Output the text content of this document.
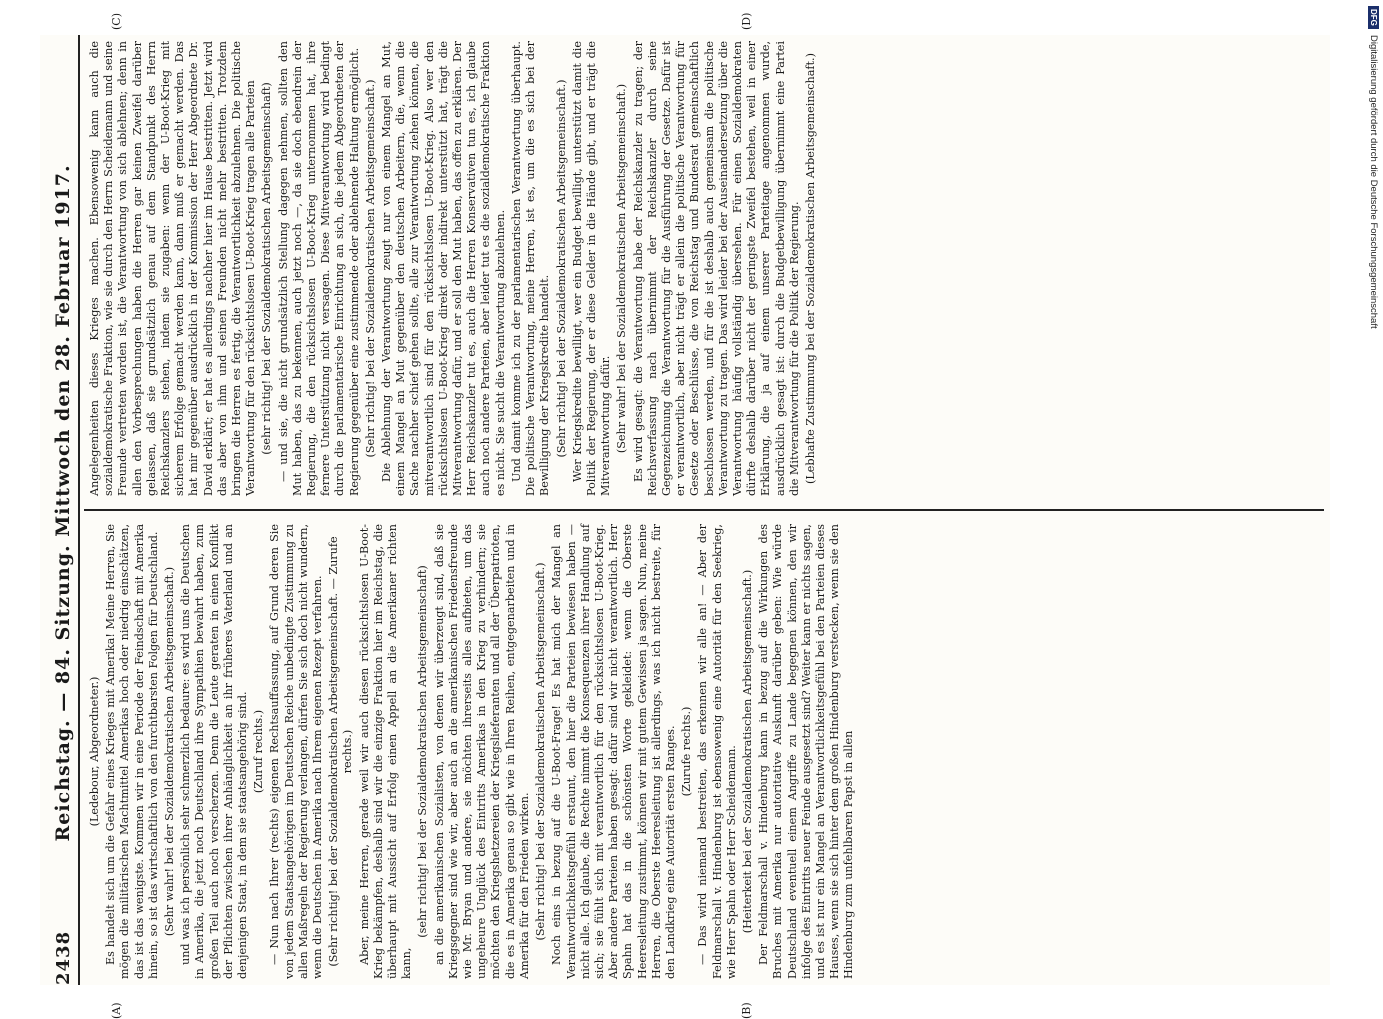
2438
Reichstag. — 84. Sitzung. Mittwoch den 28. Februar 1917.
(A)	(B)
(C)	(D)

(Ledebour, Abgeordneter.) Es handelt sich um die Gefahr eines Krieges mit Amerika! Meine Herren, Sie mögen die militärischen Machtmittel Amerikas hoch oder niedrig einschätzen, das ist das wenigste. Kommen wir in eine Periode der Feindschaft mit Amerika hinein, so ist das wirtschaftlich von den furchtbarsten Folgen für Deutschland. (Sehr wahr! bei der Sozialdemokratischen Arbeitsgemeinschaft.) und was ich persönlich sehr schmerzlich bedaure: es wird uns die Deutschen in Amerika, die jetzt noch Deutschland ihre Sympathien bewahrt haben, zum großen Teil auch noch verscherzen. Denn die Leute geraten in einen Konflikt der Pflichten zwischen ihrer Anhänglichkeit an ihr früheres Vaterland und an denjenigen Staat, in dem sie staatsangehörig sind. (Zuruf rechts.) — Nun nach Ihrer (rechts) eigenen Rechtsauffassung, auf Grund deren Sie von jedem Staatsangehörigen im Deutschen Reiche unbedingte Zustimmung zu allen Maßregeln der Regierung verlangen, dürfen Sie sich doch nicht wundern, wenn die Deutschen in Amerika nach Ihrem eigenen Rezept verfahren. (Sehr richtig! bei der Sozialdemokratischen Arbeitsgemeinschaft. — Zurufe rechts.) Aber, meine Herren, gerade weil wir auch diesen rücksichtslosen U-Boot-Krieg bekämpfen, deshalb sind wir die einzige Fraktion hier im Reichstag, die überhaupt mit Aussicht auf Erfolg einen Appell an die Amerikaner richten kann,

(sehr richtig! bei der Sozialdemokratischen Arbeitsgemeinschaft) an die amerikanischen Sozialisten, von denen wir überzeugt sind, daß sie Kriegsgegner sind wie wir, aber auch an die amerikanischen Friedensfreunde wie Mr. Bryan und andere, sie möchten ihrerseits alles aufbieten, um das ungeheure Unglück des Eintritts Amerikas in den Krieg zu verhindern; sie möchten den Kriegshetzereien der Kriegslieferanten und all der Überpatrioten, die es in Amerika genau so gibt wie in Ihren Reihen, entgegenarbeiten und in Amerika für den Frieden wirken. (Sehr richtig! bei der Sozialdemokratischen Arbeitsgemeinschaft.) Noch eins in bezug auf die U-Boot-Frage! Es hat mich der Mangel an Verantwortlichkeitsgefühl erstaunt, den hier die Parteien bewiesen haben — nicht alle. Ich glaube, die Rechte nimmt die Konsequenzen ihrer Handlung auf sich; sie fühlt sich mit verantwortlich für den rücksichtslosen U-Boot-Krieg. Aber andere Parteien haben gesagt: dafür sind wir nicht verantwortlich. Herr Spahn hat das in die schönsten Worte gekleidet: wenn die Oberste Heeresleitung zustimmt, können wir mit gutem Gewissen ja sagen. Nun, meine Herren, die Oberste Heeresleitung ist allerdings, was ich nicht bestreite, für den Landkrieg eine Autorität ersten Ranges. (Zurufe rechts.) — Das wird niemand bestreiten, das erkennen wir alle an! — Aber der Feldmarschall v. Hindenburg ist ebensowenig eine Autorität für den Seekrieg, wie Herr Spahn oder Herr Scheidemann. (Heiterkeit bei der Sozialdemokratischen Arbeitsgemeinschaft.) Der Feldmarschall v. Hindenburg kann in bezug auf die Wirkungen des Bruches mit Amerika nur autoritative Auskunft darüber geben: Wie würde Deutschland eventuell einem Angriffe zu Lande begegnen können, den wir infolge des Eintritts neuer Feinde ausgesetzt sind? Weiter kann er nichts sagen, und es ist nur ein Mangel an Verantwortlichkeitsgefühl bei den Parteien dieses Hauses, wenn sie sich hinter dem großen Hindenburg verstecken, wenn sie den Hindenburg zum unfehlbaren Papst in allen

Angelegenheiten dieses Krieges machen. Ebensowenig kann auch die sozialdemokratische Fraktion, wie sie durch den Herrn Scheidemann und seine Freunde vertreten worden ist, die Verantwortung von sich ablehnen; denn in allen den Vorbesprechungen haben die Herren gar keinen Zweifel darüber gelassen, daß sie grundsätzlich genau auf dem Standpunkt des Herrn Reichskanzlers stehen, indem sie zugaben: wenn der U-Boot-Krieg mit sicherem Erfolge gemacht werden kann, dann muß er gemacht werden. Das hat mir gegenüber ausdrücklich in der Kommission der Herr Abgeordnete Dr. David erklärt; er hat es allerdings nachher hier im Hause bestritten. Jetzt wird das aber von ihm und seinen Freunden nicht mehr bestritten. Trotzdem bringen die Herren es fertig, die Verantwortlichkeit abzulehnen. Die politische Verantwortung für den rücksichtslosen U-Boot-Krieg tragen alle Parteien (sehr richtig! bei der Sozialdemokratischen Arbeitsgemeinschaft) — und sie, die nicht grundsätzlich Stellung dagegen nehmen, sollten den Mut haben, das zu bekennen, auch jetzt noch —, da sie doch ebendrein der Regierung, die den rücksichtslosen U-Boot-Krieg unternommen hat, ihre fernere Unterstützung nicht versagen. Diese Mitverantwortung wird bedingt durch die parlamentarische Einrichtung an sich, die jedem Abgeordneten der Regierung gegenüber eine zustimmende oder ablehnende Haltung ermöglicht. (Sehr richtig! bei der Sozialdemokratischen Arbeitsgemeinschaft.) Die Ablehnung der Verantwortung zeugt nur von einem Mangel an Mut, einem Mangel an Mut gegenüber den deutschen Arbeitern, die, wenn die Sache nachher schief gehen sollte, alle zur Verantwortung ziehen können, die mitverantwortlich sind für den rücksichtslosen U-Boot-Krieg. Also wer den rücksichtslosen U-Boot-Krieg direkt oder indirekt unterstützt hat, trägt die Mitverantwortung dafür, und er soll den Mut haben, das offen zu erklären. Der Herr Reichskanzler tut es, auch die Herren Konservativen tun es, ich glaube auch noch andere Parteien, aber leider tut es die sozialdemokratische Fraktion es nicht. Sie sucht die Verantwortung abzulehnen. Und damit komme ich zu der parlamentarischen Verantwortung überhaupt. Die politische Verantwortung, meine Herren, ist es, um die es sich bei der Bewilligung der Kriegskredite handelt. (Sehr richtig! bei der Sozialdemokratischen Arbeitsgemeinschaft.) Wer Kriegskredite bewilligt, wer ein Budget bewilligt, unterstützt damit die Politik der Regierung, der er diese Gelder in die Hände gibt, und er trägt die Mitverantwortung dafür. (Sehr wahr! bei der Sozialdemokratischen Arbeitsgemeinschaft.) Es wird gesagt: die Verantwortung habe der Reichskanzler zu tragen; der Reichsverfassung nach übernimmt der Reichskanzler durch seine Gegenzeichnung die Verantwortung für die Ausführung der Gesetze. Dafür ist er verantwortlich, aber nicht trägt er allein die politische Verantwortung für Gesetze oder Beschlüsse, die von Reichstag und Bundesrat gemeinschaftlich beschlossen werden, und für die ist deshalb auch gemeinsam die politische Verantwortung zu tragen. Das wird leider bei der Auseinandersetzung über die Verantwortung häufig vollständig übersehen. Für einen Sozialdemokraten dürfte deshalb darüber nicht der geringste Zweifel bestehen, weil in einer Erklärung, die ja auf einem unserer Parteitage angenommen wurde, ausdrücklich gesagt ist: durch die Budgetbewilligung übernimmt eine Partei die Mitverantwortung für die Politik der Regierung. (Lebhafte Zustimmung bei der Sozialdemokratischen Arbeitsgemeinschaft.)

DFG
Digitalisierung gefördert durch die Deutsche Forschungsgemeinschaft
